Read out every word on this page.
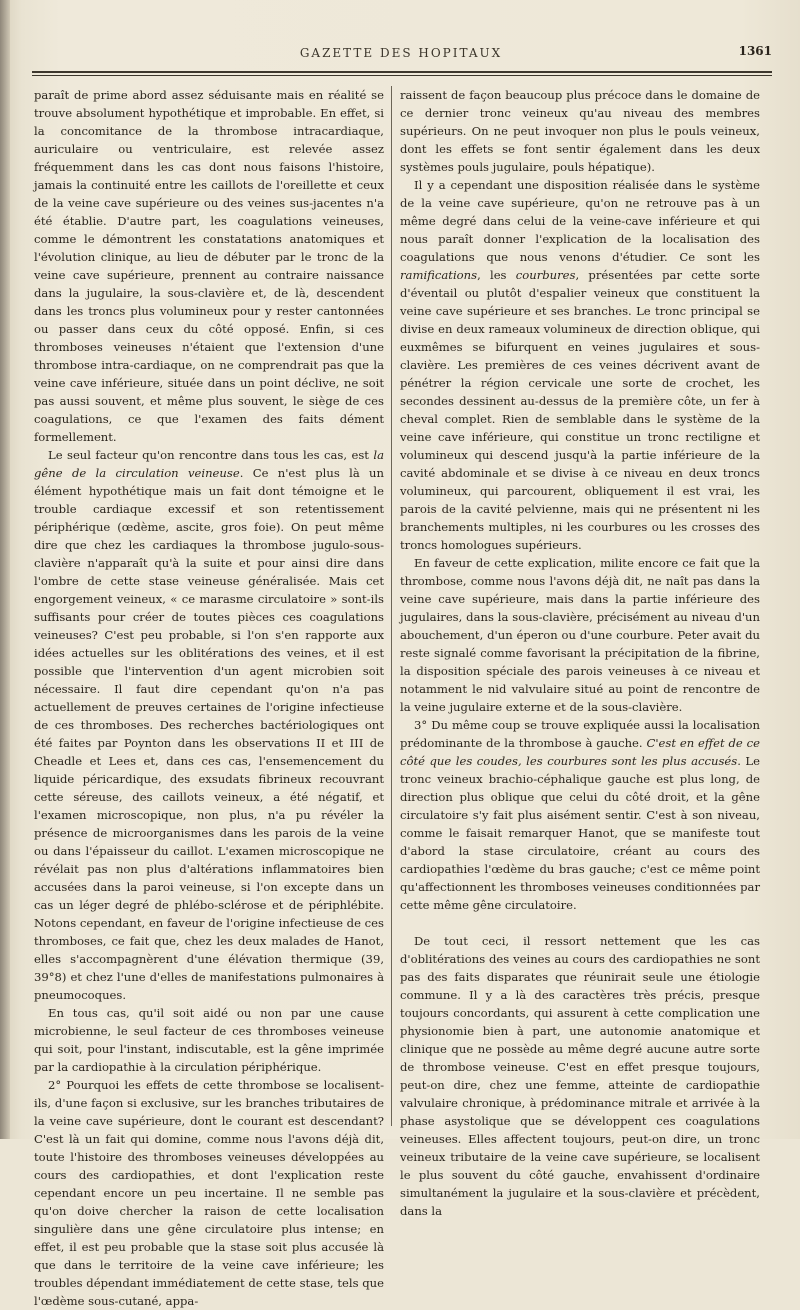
GAZETTE DES HOPITAUX	1361

paraît de prime abord assez séduisante mais en réalité se trouve absolument hypothétique et improbable. En effet, si la concomitance de la thrombose intracardiaque, auriculaire ou ventriculaire, est relevée assez fréquemment dans les cas dont nous faisons l'histoire, jamais la continuité entre les caillots de l'oreillette et ceux de la veine cave supérieure ou des veines sus-jacentes n'a été établie. D'autre part, les coagulations veineuses, comme le démontrent les constatations anatomiques et l'évolution clinique, au lieu de débuter par le tronc de la veine cave supérieure, prennent au contraire naissance dans la jugulaire, la sous-clavière et, de là, descendent dans les troncs plus volumineux pour y rester cantonnées ou passer dans ceux du côté opposé. Enfin, si ces thromboses veineuses n'étaient que l'extension d'une thrombose intra-cardiaque, on ne comprendrait pas que la veine cave inférieure, située dans un point déclive, ne soit pas aussi souvent, et même plus souvent, le siège de ces coagulations, ce que l'examen des faits dément formellement.

Le seul facteur qu'on rencontre dans tous les cas, est la gêne de la circulation veineuse. Ce n'est plus là un élément hypothétique mais un fait dont témoigne et le trouble cardiaque excessif et son retentissement périphérique (œdème, ascite, gros foie). On peut même dire que chez les cardiaques la thrombose jugulo-sous-clavière n'apparaît qu'à la suite et pour ainsi dire dans l'ombre de cette stase veineuse généralisée. Mais cet engorgement veineux, « ce marasme circulatoire » sont-ils suffisants pour créer de toutes pièces ces coagulations veineuses? C'est peu probable, si l'on s'en rapporte aux idées actuelles sur les oblitérations des veines, et il est possible que l'intervention d'un agent microbien soit nécessaire. Il faut dire cependant qu'on n'a pas actuellement de preuves certaines de l'origine infectieuse de ces thromboses. Des recherches bactériologiques ont été faites par Poynton dans les observations II et III de Cheadle et Lees et, dans ces cas, l'ensemencement du liquide péricardique, des exsudats fibrineux recouvrant cette séreuse, des caillots veineux, a été négatif, et l'examen microscopique, non plus, n'a pu révéler la présence de microorganismes dans les parois de la veine ou dans l'épaisseur du caillot. L'examen microscopique ne révélait pas non plus d'altérations inflammatoires bien accusées dans la paroi veineuse, si l'on excepte dans un cas un léger degré de phlébo-sclérose et de périphlébite. Notons cependant, en faveur de l'origine infectieuse de ces thromboses, ce fait que, chez les deux malades de Hanot, elles s'accompagnèrent d'une élévation thermique (39, 39°8) et chez l'une d'elles de manifestations pulmonaires à pneumocoques.

En tous cas, qu'il soit aidé ou non par une cause microbienne, le seul facteur de ces thromboses veineuse qui soit, pour l'instant, indiscutable, est la gêne imprimée par la cardiopathie à la circulation périphérique.

2° Pourquoi les effets de cette thrombose se localisent-ils, d'une façon si exclusive, sur les branches tributaires de la veine cave supérieure, dont le courant est descendant? C'est là un fait qui domine, comme nous l'avons déjà dit, toute l'histoire des thromboses veineuses développées au cours des cardiopathies, et dont l'explication reste cependant encore un peu incertaine. Il ne semble pas qu'on doive chercher la raison de cette localisation singulière dans une gêne circulatoire plus intense; en effet, il est peu probable que la stase soit plus accusée là que dans le territoire de la veine cave inférieure; les troubles dépendant immédiatement de cette stase, tels que l'œdème sous-cutané, appa-

raissent de façon beaucoup plus précoce dans le domaine de ce dernier tronc veineux qu'au niveau des membres supérieurs. On ne peut invoquer non plus le pouls veineux, dont les effets se font sentir également dans les deux systèmes pouls jugulaire, pouls hépatique).

Il y a cependant une disposition réalisée dans le système de la veine cave supérieure, qu'on ne retrouve pas à un même degré dans celui de la veine-cave inférieure et qui nous paraît donner l'explication de la localisation des coagulations que nous venons d'étudier. Ce sont les ramifications, les courbures, présentées par cette sorte d'éventail ou plutôt d'espalier veineux que constituent la veine cave supérieure et ses branches. Le tronc principal se divise en deux rameaux volumineux de direction oblique, qui euxmêmes se bifurquent en veines jugulaires et sous-clavière. Les premières de ces veines décrivent avant de pénétrer la région cervicale une sorte de crochet, les secondes dessinent au-dessus de la première côte, un fer à cheval complet. Rien de semblable dans le système de la veine cave inférieure, qui constitue un tronc rectiligne et volumineux qui descend jusqu'à la partie inférieure de la cavité abdominale et se divise à ce niveau en deux troncs volumineux, qui parcourent, obliquement il est vrai, les parois de la cavité pelvienne, mais qui ne présentent ni les branchements multiples, ni les courbures ou les crosses des troncs homologues supérieurs.

En faveur de cette explication, milite encore ce fait que la thrombose, comme nous l'avons déjà dit, ne naît pas dans la veine cave supérieure, mais dans la partie inférieure des jugulaires, dans la sous-clavière, précisément au niveau d'un abouchement, d'un éperon ou d'une courbure. Peter avait du reste signalé comme favorisant la précipitation de la fibrine, la disposition spéciale des parois veineuses à ce niveau et notamment le nid valvulaire situé au point de rencontre de la veine jugulaire externe et de la sous-clavière.

3° Du même coup se trouve expliquée aussi la localisation prédominante de la thrombose à gauche. C'est en effet de ce côté que les coudes, les courbures sont les plus accusés. Le tronc veineux brachio-céphalique gauche est plus long, de direction plus oblique que celui du côté droit, et la gêne circulatoire s'y fait plus aisément sentir. C'est à son niveau, comme le faisait remarquer Hanot, que se manifeste tout d'abord la stase circulatoire, créant au cours des cardiopathies l'œdème du bras gauche; c'est ce même point qu'affectionnent les thromboses veineuses conditionnées par cette même gêne circulatoire.

De tout ceci, il ressort nettement que les cas d'oblitérations des veines au cours des cardiopathies ne sont pas des faits disparates que réunirait seule une étiologie commune. Il y a là des caractères très précis, presque toujours concordants, qui assurent à cette complication une physionomie bien à part, une autonomie anatomique et clinique que ne possède au même degré aucune autre sorte de thrombose veineuse. C'est en effet presque toujours, peut-on dire, chez une femme, atteinte de cardiopathie valvulaire chronique, à prédominance mitrale et arrivée à la phase asystolique que se développent ces coagulations veineuses. Elles affectent toujours, peut-on dire, un tronc veineux tributaire de la veine cave supérieure, se localisent le plus souvent du côté gauche, envahissent d'ordinaire simultanément la jugulaire et la sous-clavière et précèdent, dans la
